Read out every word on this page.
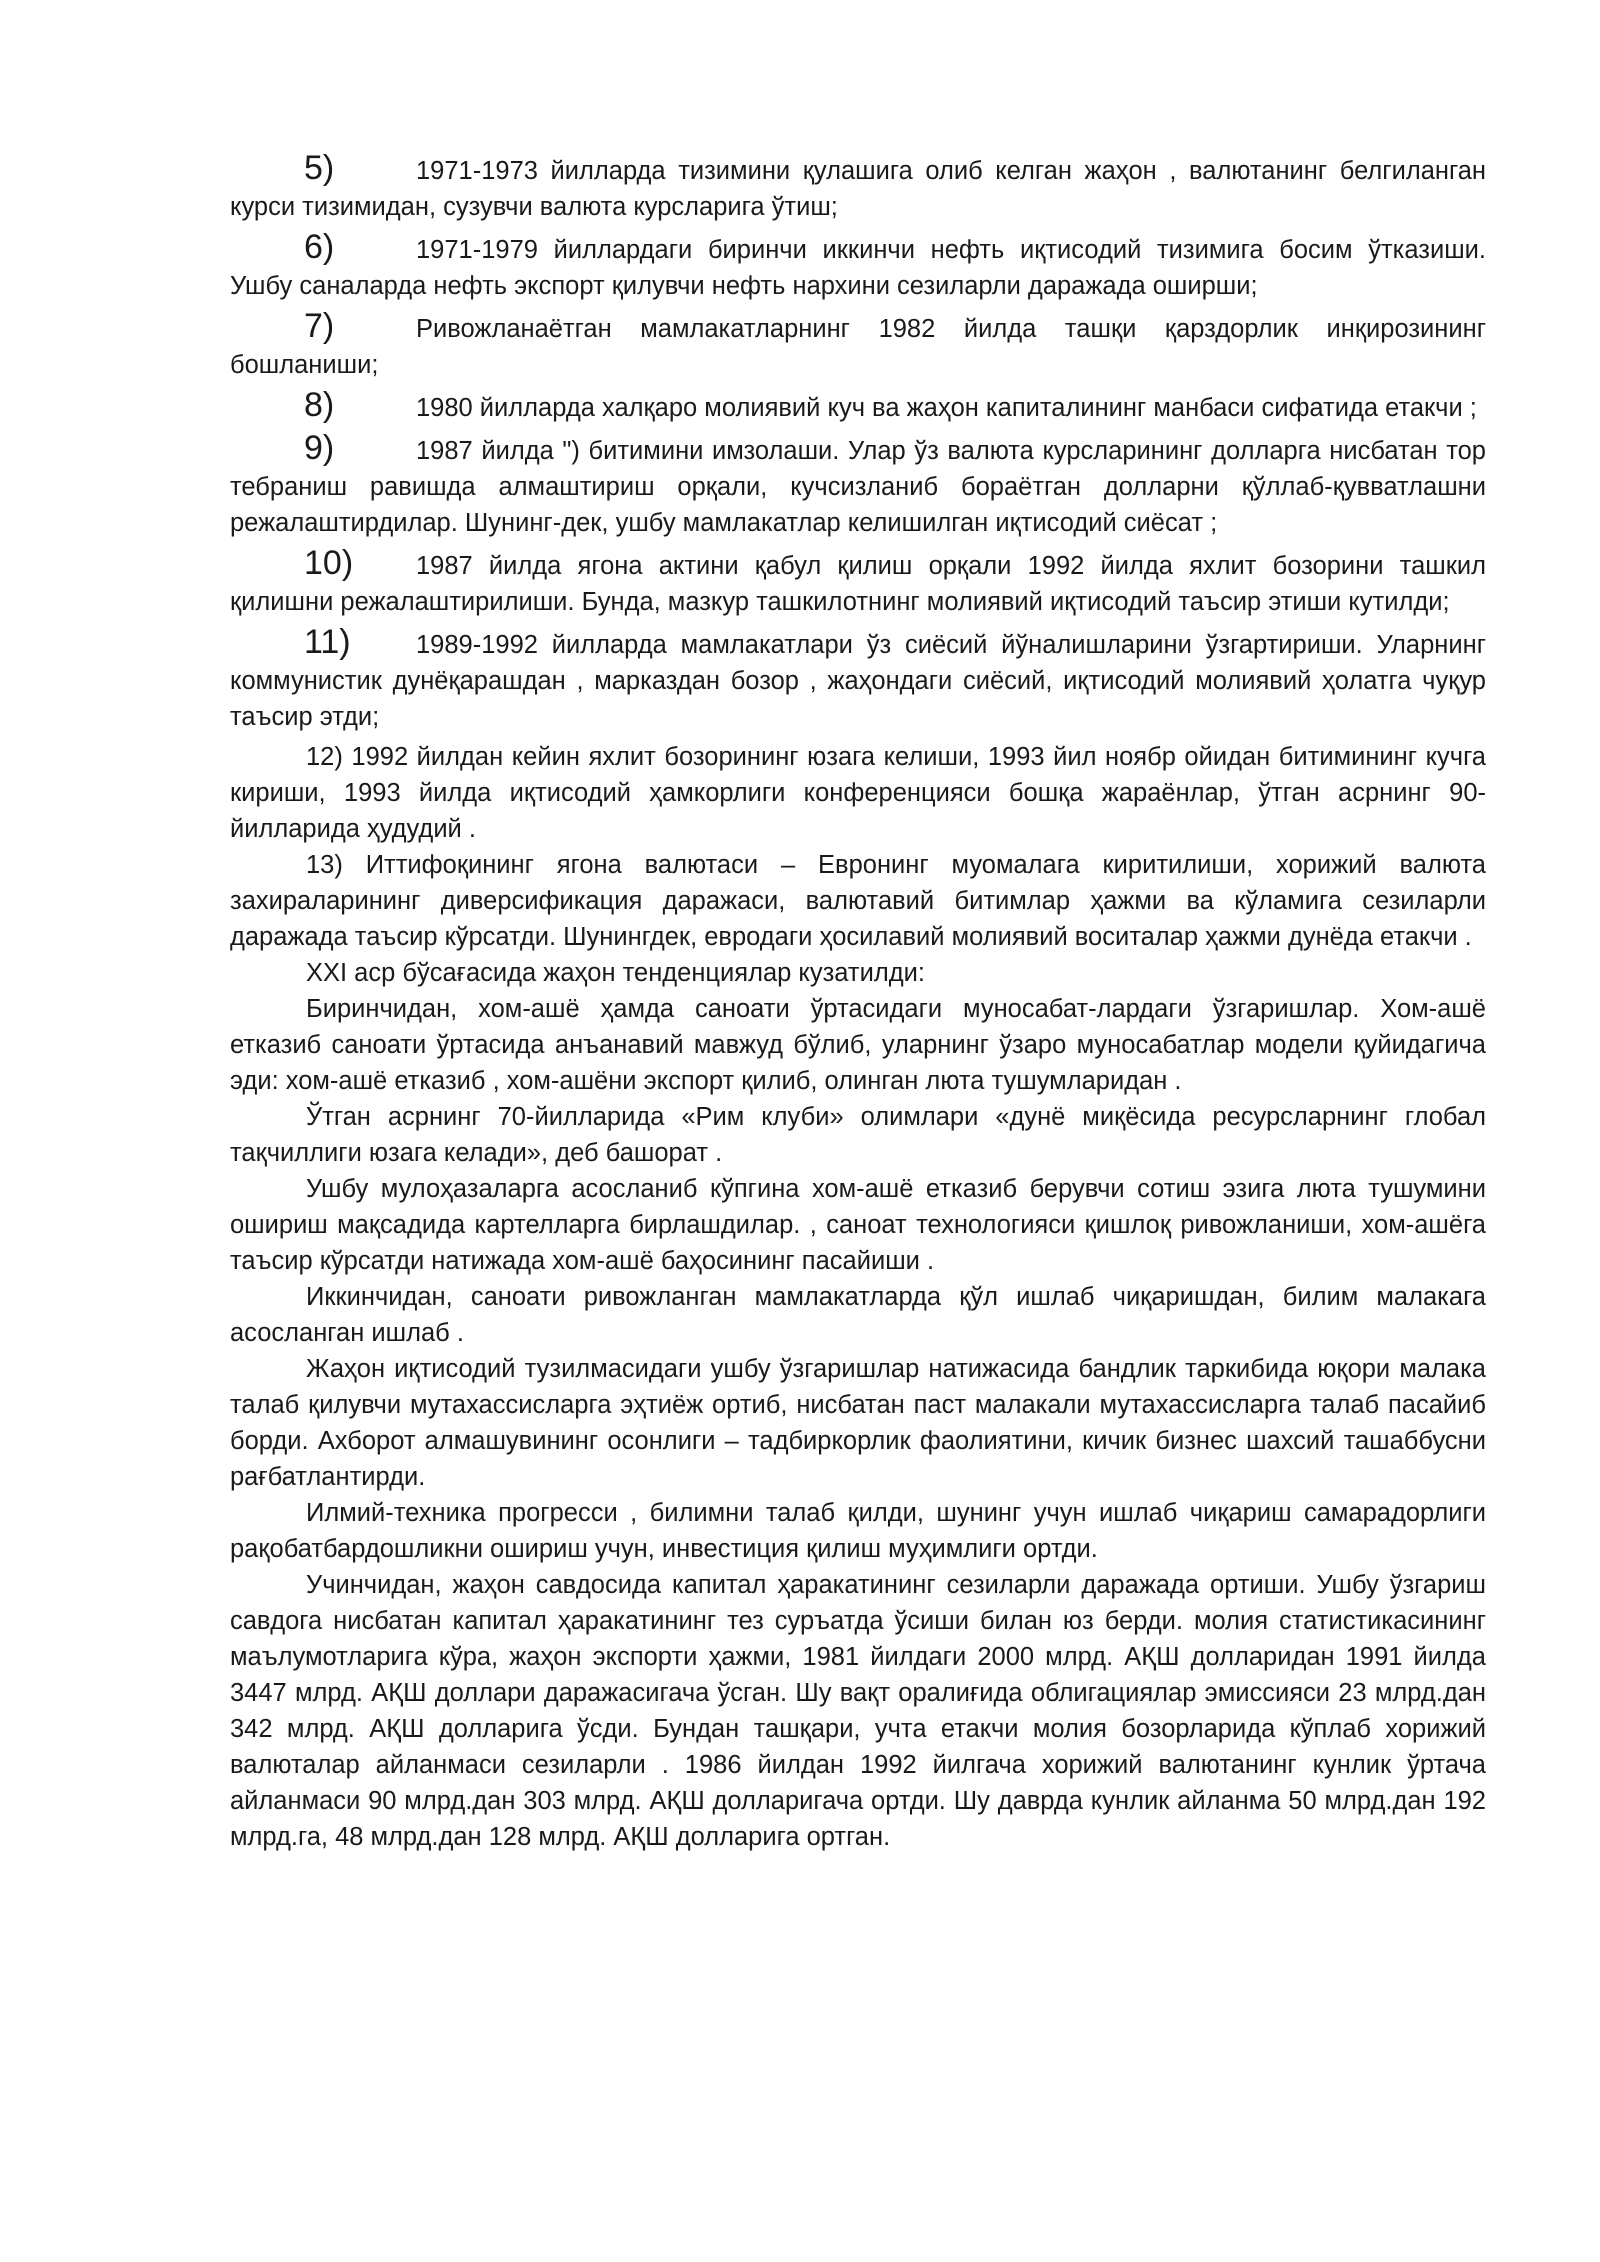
5)	1971-1973 йилларда тизимини қулашига олиб келган жаҳон , валютанинг белгиланган курси тизимидан, сузувчи валюта курсларига ўтиш;
6)	1971-1979 йиллардаги биринчи иккинчи нефть иқтисодий тизимига босим ўтказиши. Ушбу саналарда нефть экспорт қилувчи нефть нархини сезиларли даражада оширши;
7)	Ривожланаётган мамлакатларнинг 1982 йилда ташқи қарздорлик инқирозининг бошланиши;
8)	1980 йилларда халқаро молиявий куч ва жаҳон капиталининг манбаси сифатида етакчи ;
9)	1987 йилда ") битимини имзолаши. Улар ўз валюта курсларининг долларга нисбатан тор тебраниш равишда алмаштириш орқали, кучсизланиб бораётган долларни қўллаб-қувватлашни режалаштирдилар. Шунинг-дек, ушбу мамлакатлар келишилган иқтисодий сиёсат ;
10) 1987 йилда ягона актини қабул қилиш орқали 1992 йилда яхлит бозорини ташкил қилишни режалаштирилиши. Бунда, мазкур ташкилотнинг молиявий иқтисодий таъсир этиши кутилди;
11)	1989-1992 йилларда мамлакатлари ўз сиёсий йўналишларини ўзгартириши. Уларнинг коммунистик дунёқарашдан , марказдан бозор , жаҳондаги сиёсий, иқтисодий молиявий ҳолатга чуқур таъсир этди;

12) 1992 йилдан кейин яхлит бозорининг юзага келиши, 1993 йил ноябр ойидан битимининг кучга кириши, 1993 йилда иқтисодий ҳамкорлиги конференцияси бошқа жараёнлар, ўтган асрнинг 90-йилларида ҳудудий .

13) Иттифоқининг ягона валютаси – Евронинг муомалага киритилиши, хорижий валюта захираларининг диверсификация даражаси, валютавий битимлар ҳажми ва кўламига сезиларли даражада таъсир кўрсатди. Шунингдек, евродаги ҳосилавий молиявий воситалар ҳажми дунёда етакчи .

XXI аср бўсағасида жаҳон тенденциялар кузатилди:

Биринчидан, хом-ашё ҳамда саноати ўртасидаги муносабат-лардаги ўзгаришлар. Хом-ашё етказиб саноати ўртасида анъанавий мавжуд бўлиб, уларнинг ўзаро муносабатлар модели қуйидагича эди: хом-ашё етказиб , хом-ашёни экспорт қилиб, олинган люта тушумларидан .

Ўтган асрнинг 70-йилларида «Рим клуби» олимлари «дунё миқёсида ресурсларнинг глобал тақчиллиги юзага келади», деб башорат .

Ушбу мулоҳазаларга асосланиб кўпгина хом-ашё етказиб берувчи сотиш эзига люта тушумини ошириш мақсадида картелларга бирлашдилар. , саноат технологияси қишлоқ ривожланиши, хом-ашёга таъсир кўрсатди натижада хом-ашё баҳосининг пасайиши .

Иккинчидан, саноати ривожланган мамлакатларда қўл ишлаб чиқаришдан, билим малакага асосланган ишлаб .

Жаҳон иқтисодий тузилмасидаги ушбу ўзгаришлар натижасида бандлик таркибида юқори малака талаб қилувчи мутахассисларга эҳтиёж ортиб, нисбатан паст малакали мутахассисларга талаб пасайиб борди. Ахборот алмашувининг осонлиги – тадбиркорлик фаолиятини, кичик бизнес шахсий ташаббусни рағбатлантирди.

Илмий-техника прогресси , билимни талаб қилди, шунинг учун ишлаб чиқариш самарадорлиги рақобатбардошликни ошириш учун, инвестиция қилиш муҳимлиги ортди.

Учинчидан, жаҳон савдосида капитал ҳаракатининг сезиларли даражада ортиши. Ушбу ўзгариш савдога нисбатан капитал ҳаракатининг тез суръатда ўсиши билан юз берди. молия статистикасининг маълумотларига кўра, жаҳон экспорти ҳажми, 1981 йилдаги 2000 млрд. АҚШ долларидан 1991 йилда 3447 млрд. АҚШ доллари даражасигача ўсган. Шу вақт оралиғида облигациялар эмиссияси 23 млрд.дан 342 млрд. АҚШ долларига ўсди. Бундан ташқари, учта етакчи молия бозорларида кўплаб хорижий валюталар айланмаси сезиларли . 1986 йилдан 1992 йилгача хорижий валютанинг кунлик ўртача айланмаси 90 млрд.дан 303 млрд. АҚШ долларигача ортди. Шу даврда кунлик айланма 50 млрд.дан 192 млрд.га, 48 млрд.дан 128 млрд. АҚШ долларига ортган.
